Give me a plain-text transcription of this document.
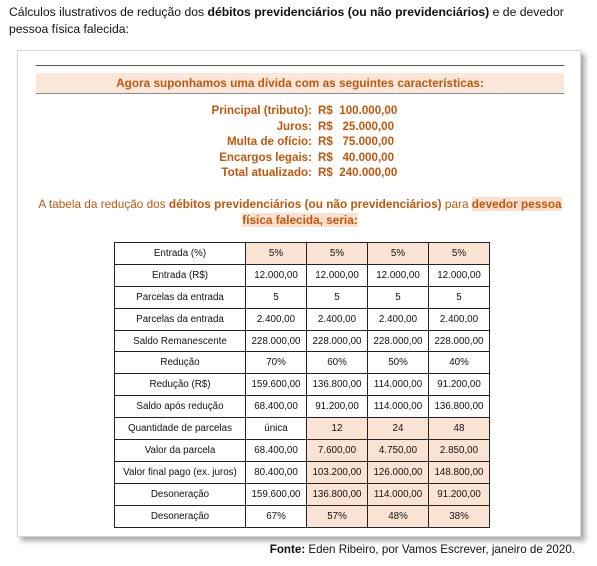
Cálculos ilustrativos de redução dos débitos previdenciários (ou não previdenciários) e de devedor pessoa física falecida:
Agora suponhamos uma dívida com as seguintes características:
Principal (tributo): R$  100.000,00
Juros: R$   25.000,00
Multa de ofício: R$   75.000,00
Encargos legais: R$   40.000,00
Total atualizado: R$  240.000,00
A tabela da redução dos débitos previdenciários (ou não previdenciários) para devedor pessoa física falecida, seria:
Entrada (%)	5%	5%	5%	5%
Entrada (R$)	12.000,00	12.000,00	12.000,00	12.000,00
Parcelas da entrada	5	5	5	5
Parcelas da entrada	2.400,00	2.400,00	2.400,00	2.400,00
Saldo Remanescente	228.000,00	228.000,00	228.000,00	228.000,00
Redução	70%	60%	50%	40%
Redução (R$)	159.600,00	136.800,00	114.000,00	91.200,00
Saldo após redução	68.400,00	91.200,00	114.000,00	136.800,00
Quantidade de parcelas	única	12	24	48
Valor da parcela	68.400,00	7.600,00	4.750,00	2.850,00
Valor final pago (ex. juros)	80.400,00	103.200,00	126.000,00	148.800,00
Desoneração	159.600,00	136.800,00	114.000,00	91.200,00
Desoneração	67%	57%	48%	38%
Fonte: Eden Ribeiro, por Vamos Escrever, janeiro de 2020.
